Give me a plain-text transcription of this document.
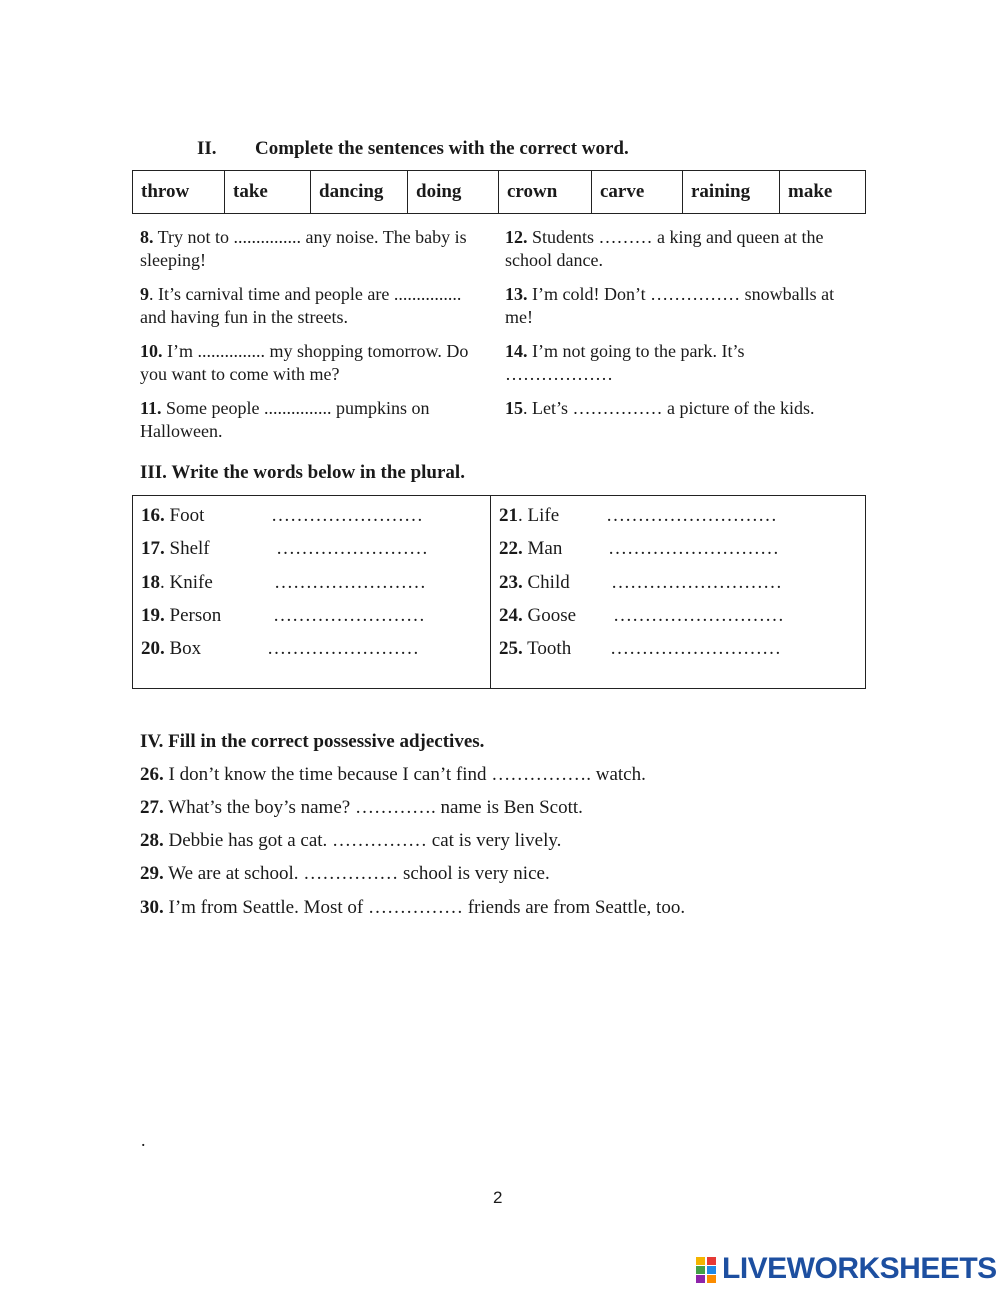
II. Complete the sentences with the correct word.
throw	take	dancing	doing	crown	carve	raining	make
8. Try not to ............... any noise. The baby is sleeping!
9. It’s carnival time and people are ............... and having fun in the streets.
10. I’m ............... my shopping tomorrow. Do you want to come with me?
11. Some people ............... pumpkins on Halloween.
12. Students ……… a king and queen at the school dance.
13. I’m cold! Don’t …………… snowballs at me!
14. I’m not going to the park. It’s ………………
15. Let’s …………… a picture of the kids.
III. Write the words below in the plural.
16. Foot	……………………
17. Shelf	……………………
18. Knife	……………………
19. Person	……………………
20. Box	……………………
21. Life ………………………
22. Man ………………………
23. Child ………………………
24. Goose ………………………
25. Tooth ………………………
IV. Fill in the correct possessive adjectives.
26. I don’t know the time because I can’t find ……………. watch.
27. What’s the boy’s name? …………. name is Ben Scott.
28. Debbie has got a cat. …………… cat is very lively.
29. We are at school. …………… school is very nice.
30. I’m from Seattle. Most of …………… friends are from Seattle, too.
.
2
LIVEWORKSHEETS
